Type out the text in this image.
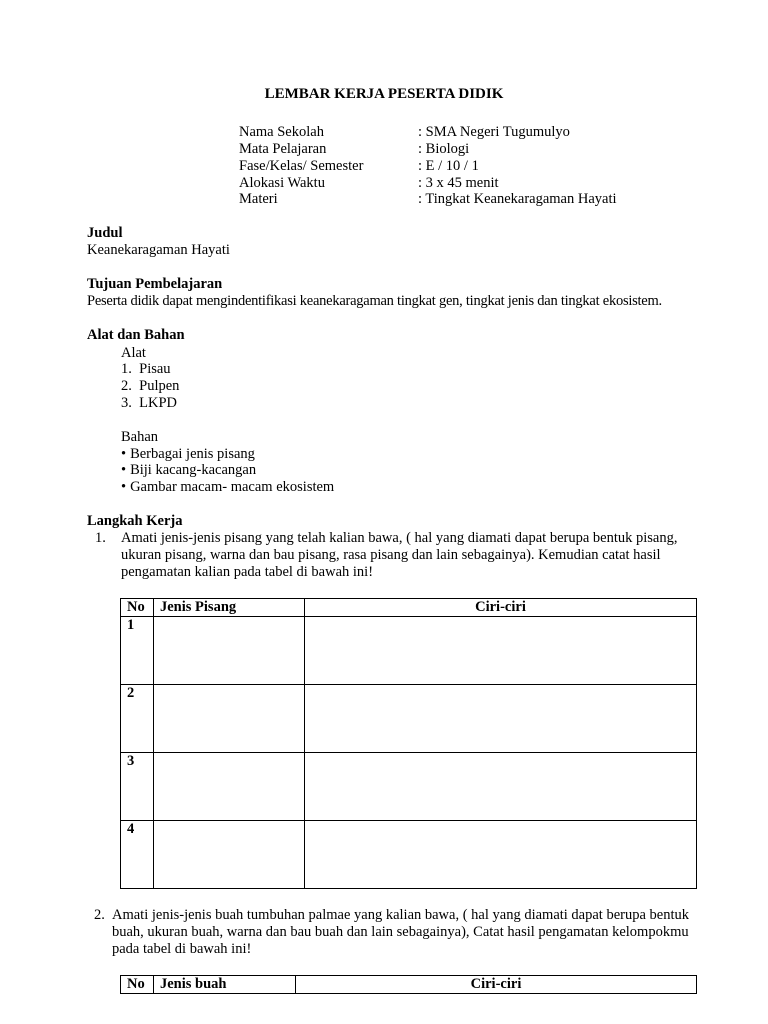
LEMBAR KERJA PESERTA DIDIK
Nama Sekolah	: SMA Negeri Tugumulyo
Mata Pelajaran	: Biologi
Fase/Kelas/ Semester	: E / 10 / 1
Alokasi Waktu	: 3 x 45 menit
Materi	: Tingkat Keanekaragaman Hayati
Judul
Keanekaragaman Hayati
Tujuan Pembelajaran
Peserta didik dapat mengindentifikasi keanekaragaman tingkat gen, tingkat jenis dan tingkat ekosistem.
Alat dan Bahan
Alat
1.  Pisau
2.  Pulpen
3.  LKPD
Bahan
• Berbagai jenis pisang
• Biji kacang-kacangan
• Gambar macam- macam ekosistem
Langkah Kerja
1. Amati jenis-jenis pisang yang telah kalian bawa, ( hal yang diamati dapat berupa bentuk pisang, ukuran pisang, warna dan bau pisang, rasa pisang dan lain sebagainya). Kemudian catat hasil pengamatan kalian pada tabel di bawah ini!
No	Jenis Pisang	Ciri-ciri
1		
2		
3		
4		
2. Amati jenis-jenis buah tumbuhan palmae yang kalian bawa, ( hal yang diamati dapat berupa bentuk buah, ukuran buah, warna dan bau buah dan lain sebagainya), Catat hasil pengamatan kelompokmu pada tabel di bawah ini!
No	Jenis buah	Ciri-ciri
